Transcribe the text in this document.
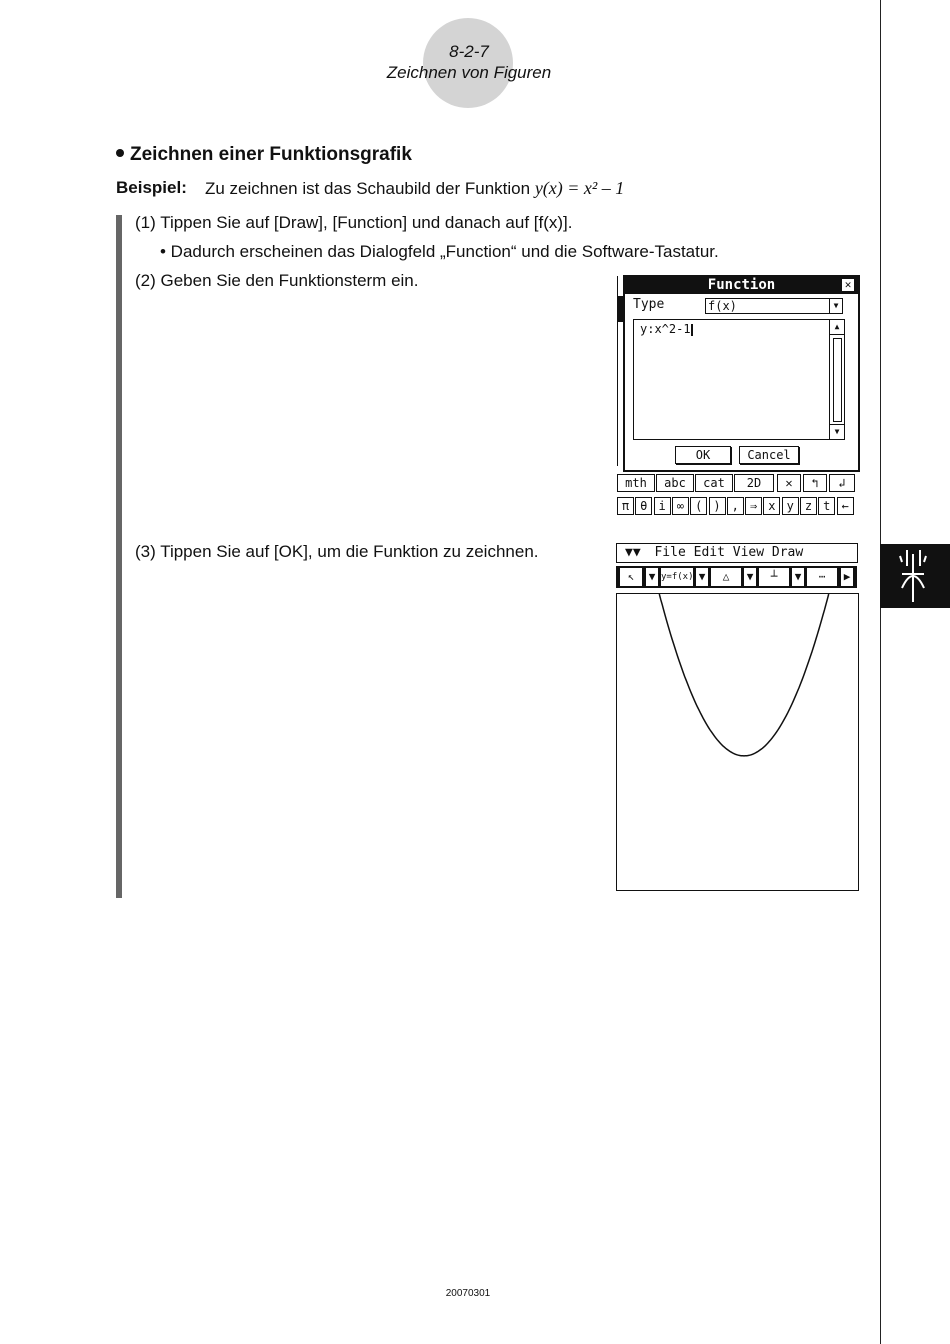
8-2-7
Zeichnen von Figuren
Zeichnen einer Funktionsgrafik
Beispiel: Zu zeichnen ist das Schaubild der Funktion y(x) = x² – 1
(1) Tippen Sie auf [Draw], [Function] und danach auf [f(x)].
• Dadurch erscheinen das Dialogfeld „Function“ und die Software-Tastatur.
(2) Geben Sie den Funktionsterm ein.
(3) Tippen Sie auf [OK], um die Funktion zu zeichnen.
Function	✕
Type	f(x)	▼
y:x^2-1	▲
▼
OK	Cancel
mth	abc	cat	2D	✕	↰	↲
π θ i ∞ ( ) , ⇒ x y z t ←
▼▼ File Edit View Draw
↖	▼ y=f(x) ▼	△	▼	┴	▼	⋯	▶
20070301
